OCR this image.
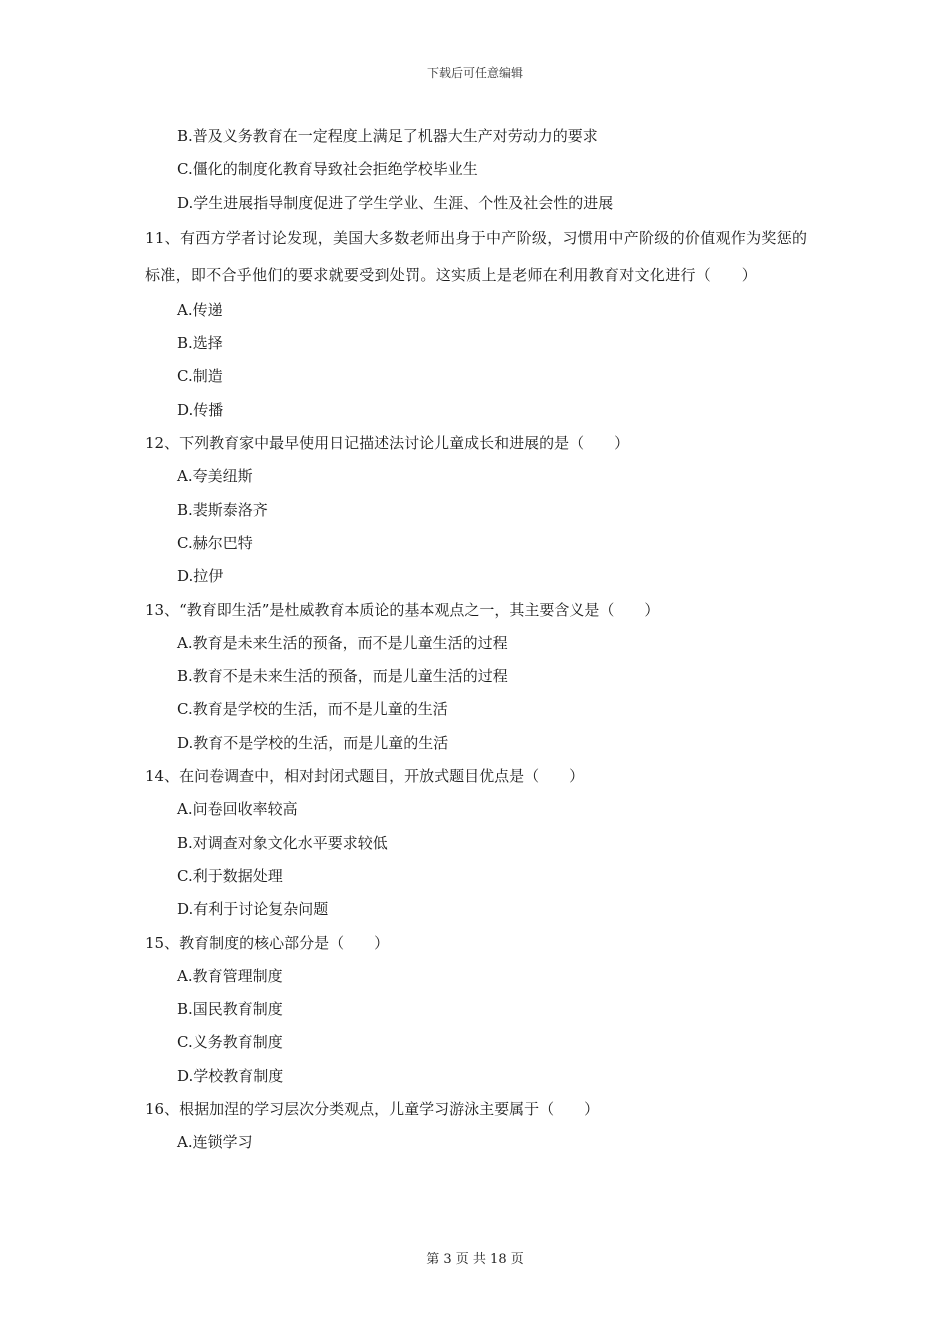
下载后可任意编辑
B.普及义务教育在一定程度上满足了机器大生产对劳动力的要求
C.僵化的制度化教育导致社会拒绝学校毕业生
D.学生进展指导制度促进了学生学业、生涯、个性及社会性的进展
11、有西方学者讨论发现，美国大多数老师出身于中产阶级，习惯用中产阶级的价值观作为奖惩的标准，即不合乎他们的要求就要受到处罚。这实质上是老师在利用教育对文化进行（　　）
A.传递
B.选择
C.制造
D.传播
12、下列教育家中最早使用日记描述法讨论儿童成长和进展的是（　　）
A.夸美纽斯
B.裴斯泰洛齐
C.赫尔巴特
D.拉伊
13、“教育即生活”是杜威教育本质论的基本观点之一，其主要含义是（　　）
A.教育是未来生活的预备，而不是儿童生活的过程
B.教育不是未来生活的预备，而是儿童生活的过程
C.教育是学校的生活，而不是儿童的生活
D.教育不是学校的生活，而是儿童的生活
14、在问卷调查中，相对封闭式题目，开放式题目优点是（　　）
A.问卷回收率较高
B.对调查对象文化水平要求较低
C.利于数据处理
D.有利于讨论复杂问题
15、教育制度的核心部分是（　　）
A.教育管理制度
B.国民教育制度
C.义务教育制度
D.学校教育制度
16、根据加涅的学习层次分类观点，儿童学习游泳主要属于（　　）
A.连锁学习
第 3 页 共 18 页
